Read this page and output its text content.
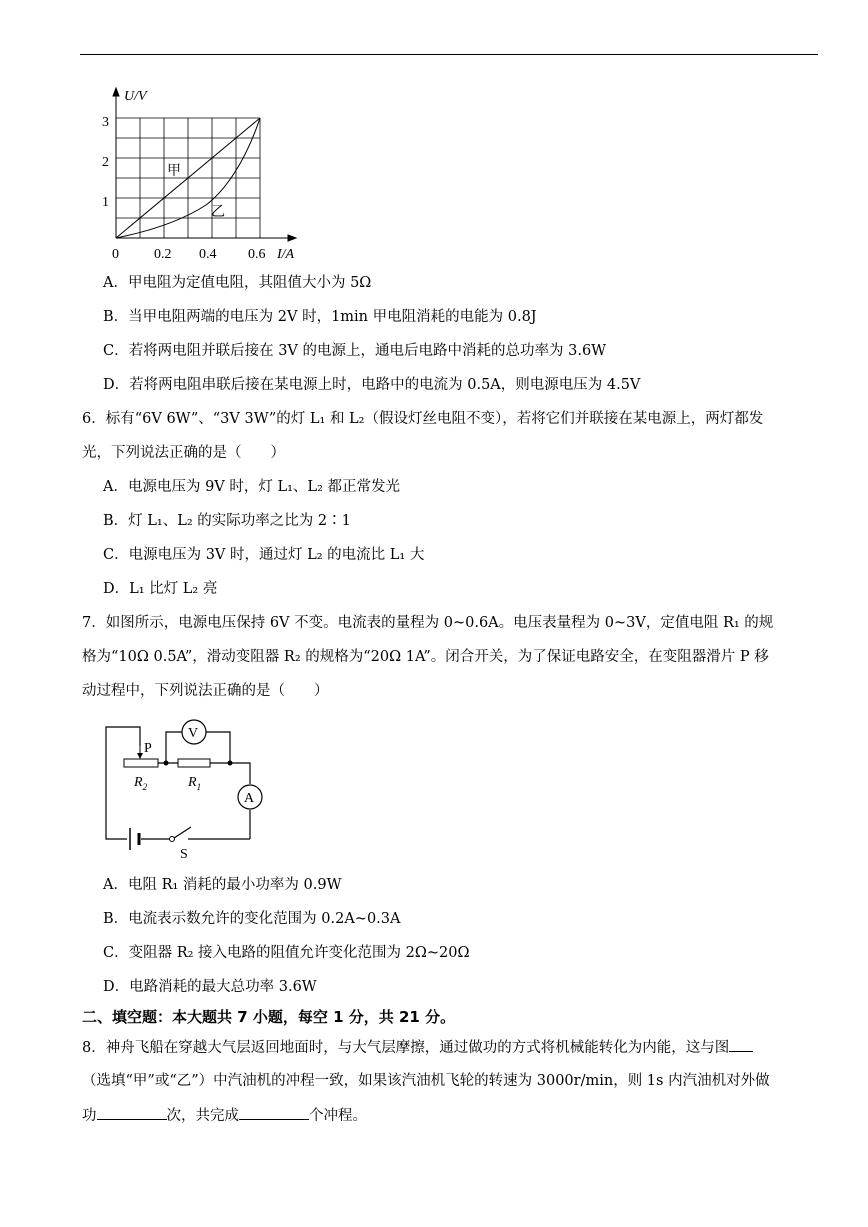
U/V
3
2
1
0	0.2 0.4 0.6 I/A
甲
乙
A．甲电阻为定值电阻，其阻值大小为 5Ω
B．当甲电阻两端的电压为 2V 时，1min 甲电阻消耗的电能为 0.8J
C．若将两电阻并联后接在 3V 的电源上，通电后电路中消耗的总功率为 3.6W
D．若将两电阻串联后接在某电源上时，电路中的电流为 0.5A，则电源电压为 4.5V
6．标有“6V 6W”、“3V 3W”的灯 L₁ 和 L₂（假设灯丝电阻不变），若将它们并联接在某电源上，两灯都发
光，下列说法正确的是（　　）
A．电源电压为 9V 时，灯 L₁、L₂ 都正常发光
B．灯 L₁、L₂ 的实际功率之比为 2∶1
C．电源电压为 3V 时，通过灯 L₂ 的电流比 L₁ 大
D．L₁ 比灯 L₂ 亮
7．如图所示，电源电压保持 6V 不变。电流表的量程为 0~0.6A。电压表量程为 0~3V，定值电阻 R₁ 的规
格为“10Ω 0.5A”，滑动变阻器 R₂ 的规格为“20Ω 1A”。闭合开关，为了保证电路安全，在变阻器滑片 P 移
动过程中，下列说法正确的是（　　）
V
A
P
$R_2$	$R_1$
S
A．电阻 R₁ 消耗的最小功率为 0.9W
B．电流表示数允许的变化范围为 0.2A~0.3A
C．变阻器 R₂ 接入电路的阻值允许变化范围为 2Ω~20Ω
D．电路消耗的最大总功率 3.6W
二、填空题：本大题共 7 小题，每空 1 分，共 21 分。
8．神舟飞船在穿越大气层返回地面时，与大气层摩擦，通过做功的方式将机械能转化为内能，这与图
（选填“甲”或“乙”）中汽油机的冲程一致，如果该汽油机飞轮的转速为 3000r/min，则 1s 内汽油机对外做
功	次，共完成	个冲程。
